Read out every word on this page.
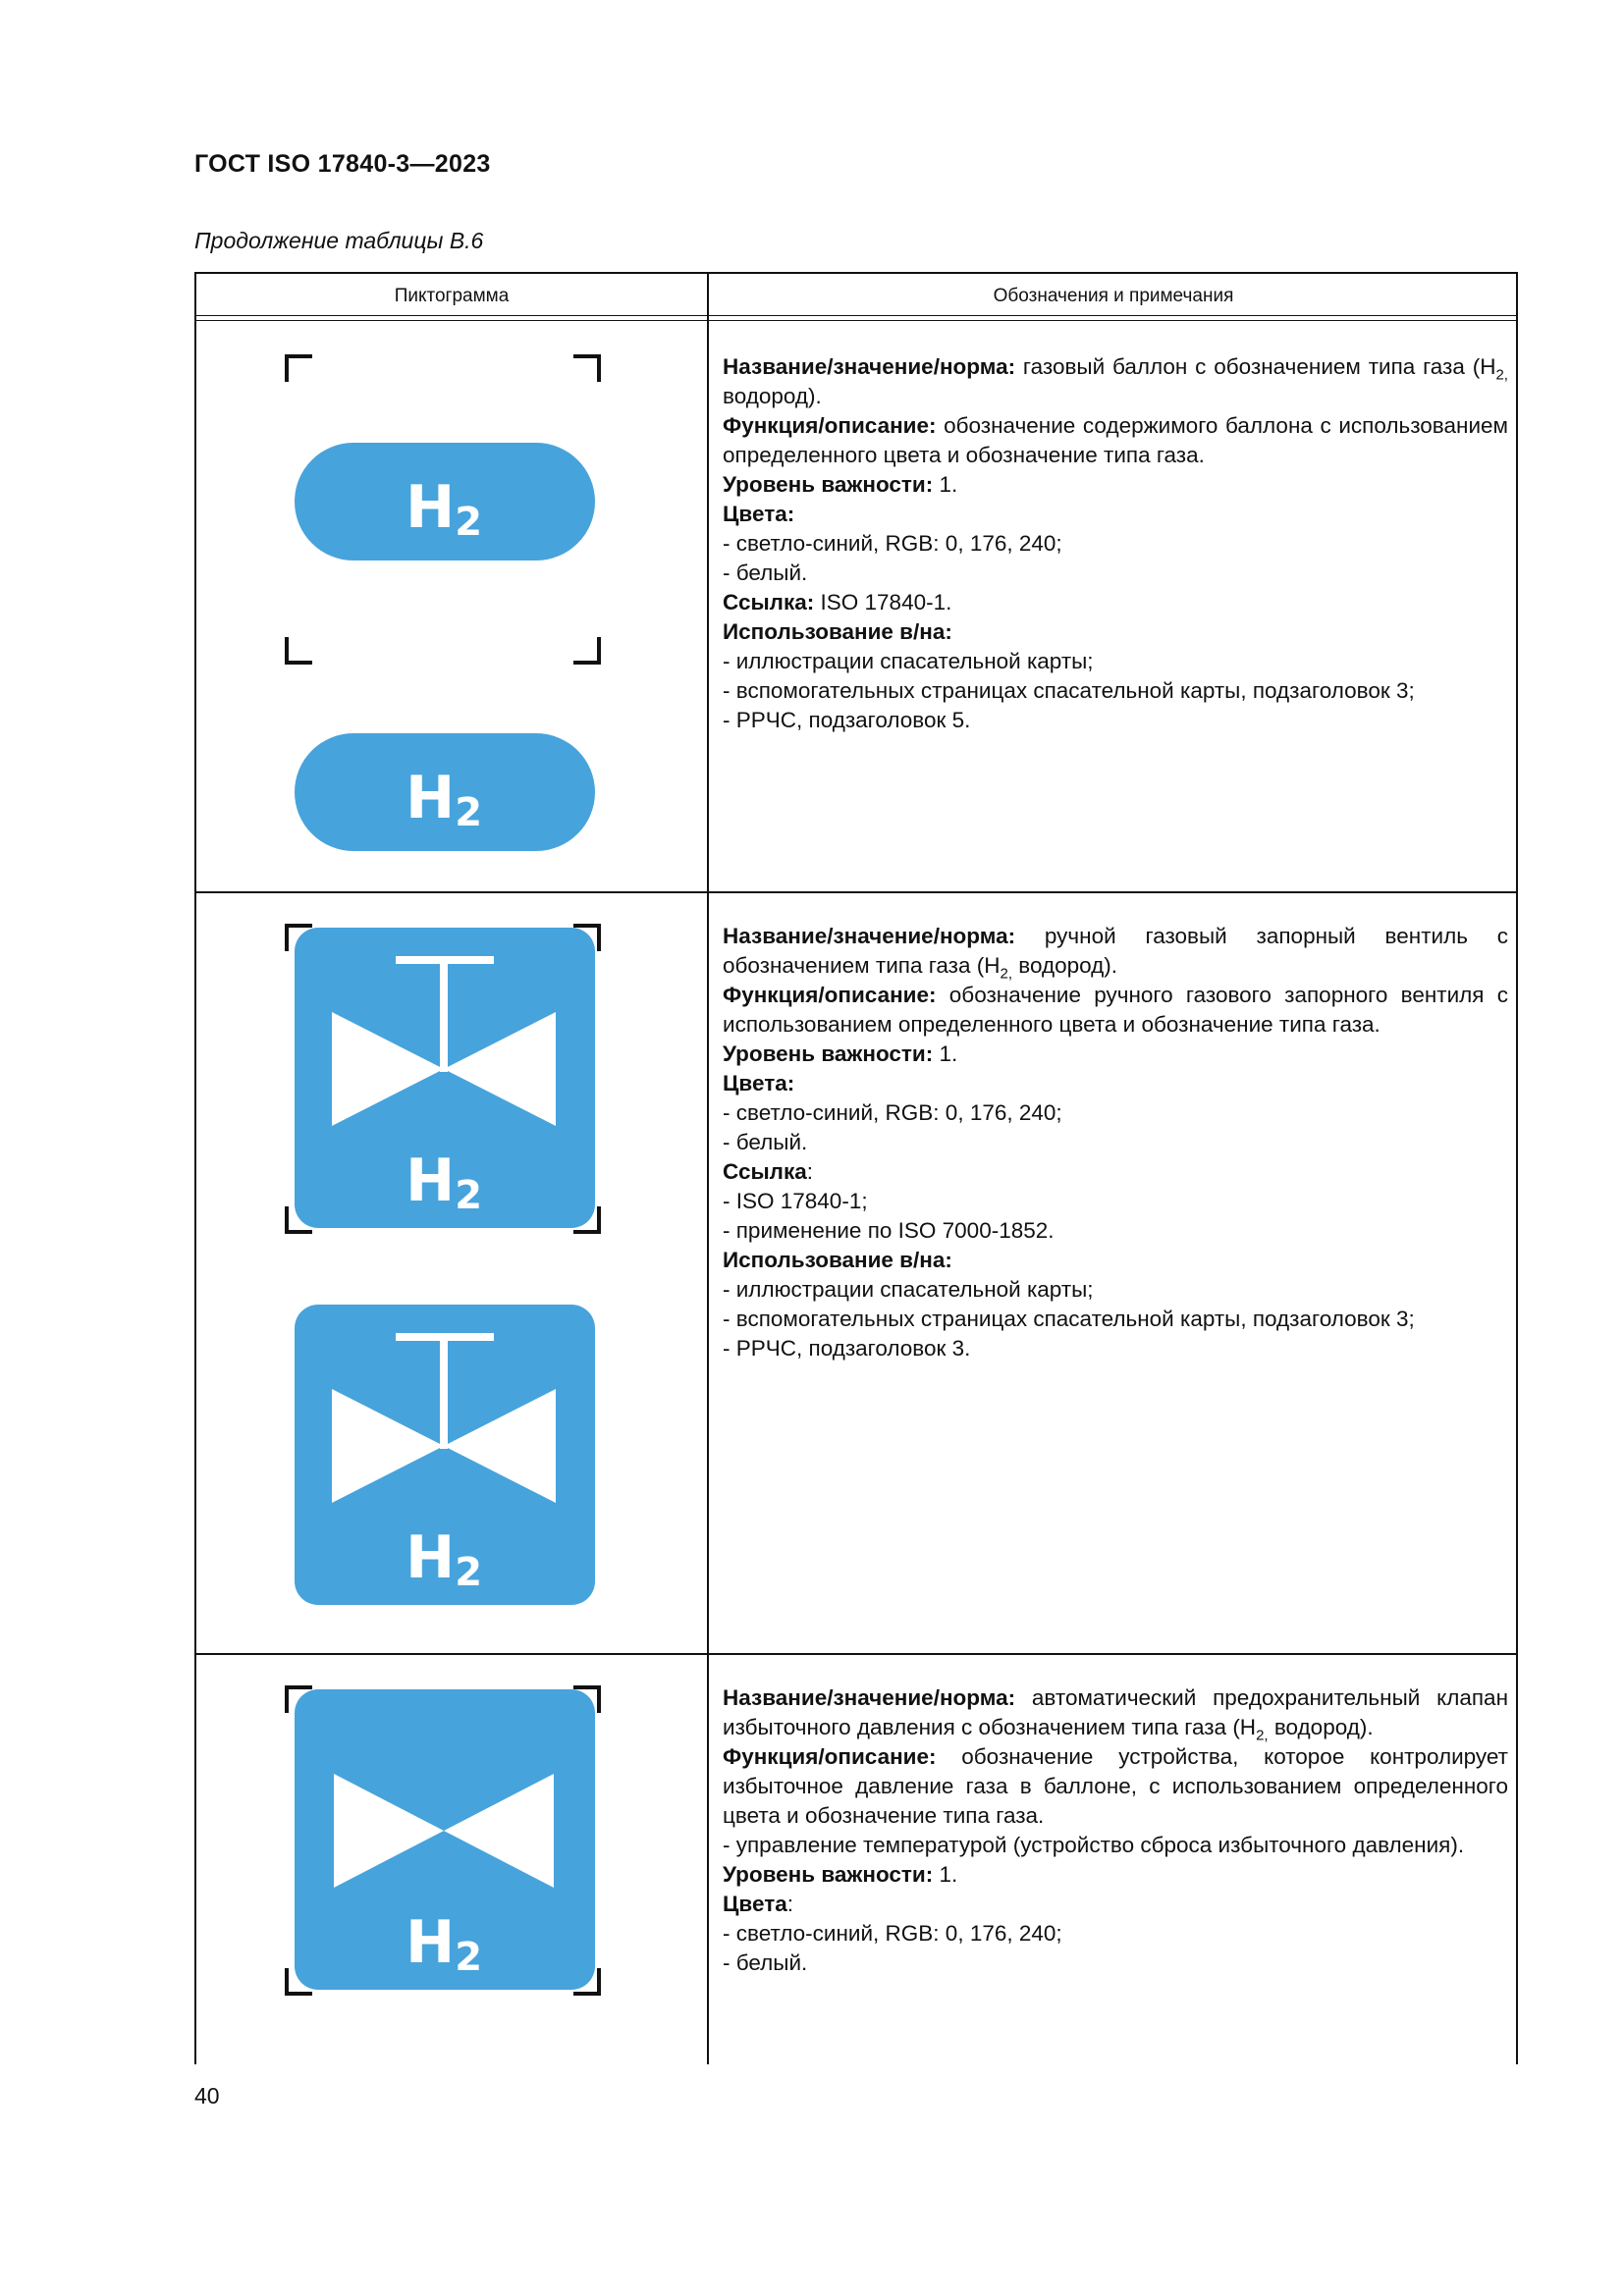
ГОСТ ISO 17840-3—2023
Продолжение таблицы В.6
Пиктограмма	Обозначения и примечания
H2
H2

Название/значение/норма: газовый баллон с обозначением типа газа ($H_{2,}$ водород).

Функция/описание: обозначение содержимого баллона с использованием определенного цвета и обозначение типа газа.

Уровень важности: 1.

Цвета:

- светло-синий, RGB: 0, 176, 240;

- белый.

Ссылка: ISO 17840-1.

Использование в/на:

- иллюстрации спасательной карты;

- вспомогательных страницах спасательной карты, подзаголовок 3;

- РРЧС, подзаголовок 5.

H2
H2

Название/значение/норма: ручной газовый запорный вентиль с обозначением типа газа ($H_{2,}$ водород).

Функция/описание: обозначение ручного газового запорного вентиля с использованием определенного цвета и обозначение типа газа.

Уровень важности: 1.

Цвета:

- светло-синий, RGB: 0, 176, 240;

- белый.

Ссылка:

- ISO 17840-1;

- применение по ISO 7000-1852.

Использование в/на:

- иллюстрации спасательной карты;

- вспомогательных страницах спасательной карты, подзаголовок 3;

- РРЧС, подзаголовок 3.

H2

Название/значение/норма: автоматический предохранительный клапан избыточного давления с обозначением типа газа ($H_{2,}$ водород).

Функция/описание: обозначение устройства, которое контролирует избыточное давление газа в баллоне, с использованием определенного цвета и обозначение типа газа.

- управление температурой (устройство сброса избыточного давления).

Уровень важности: 1.

Цвета:

- светло-синий, RGB: 0, 176, 240;

- белый.

40
